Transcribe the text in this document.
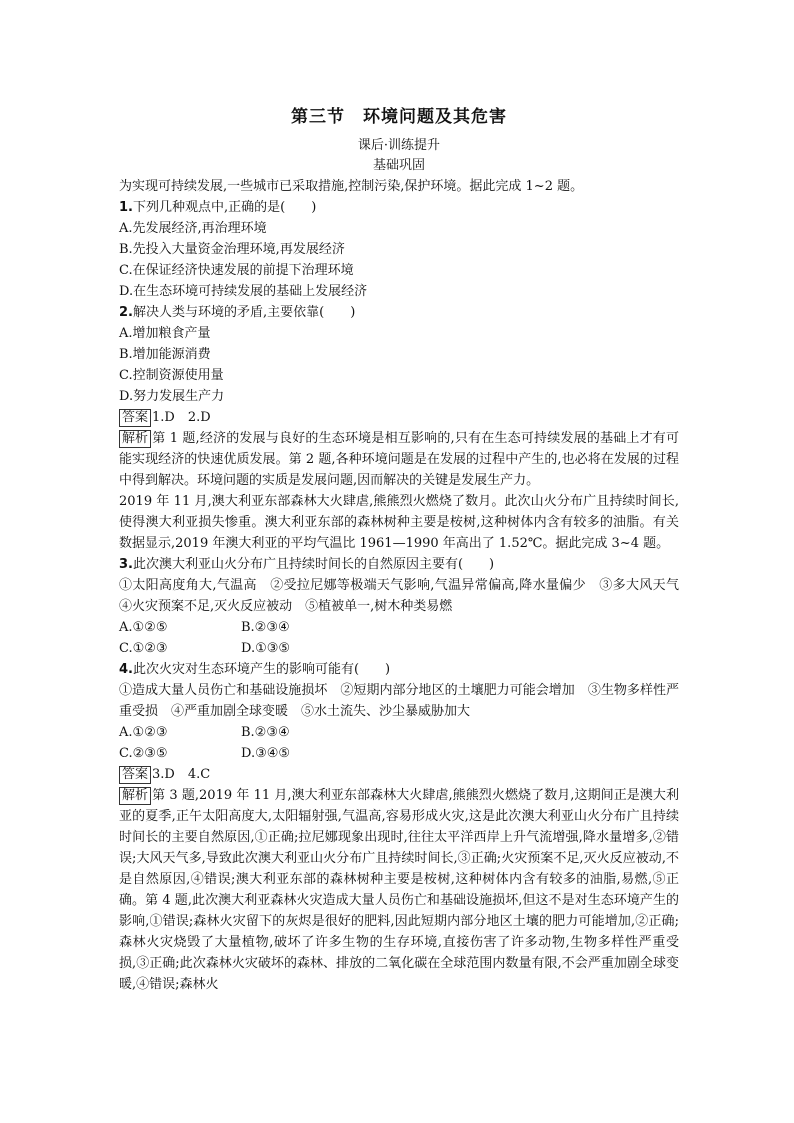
第三节　环境问题及其危害
课后·训练提升
基础巩固
为实现可持续发展,一些城市已采取措施,控制污染,保护环境。据此完成 1~2 题。
1.下列几种观点中,正确的是(　　)
A.先发展经济,再治理环境
B.先投入大量资金治理环境,再发展经济
C.在保证经济快速发展的前提下治理环境
D.在生态环境可持续发展的基础上发展经济
2.解决人类与环境的矛盾,主要依靠(　　)
A.增加粮食产量
B.增加能源消费
C.控制资源使用量
D.努力发展生产力
答案 1.D　2.D
解析 第 1 题,经济的发展与良好的生态环境是相互影响的,只有在生态可持续发展的基础上才有可能实现经济的快速优质发展。第 2 题,各种环境问题是在发展的过程中产生的,也必将在发展的过程中得到解决。环境问题的实质是发展问题,因而解决的关键是发展生产力。
2019 年 11 月,澳大利亚东部森林大火肆虐,熊熊烈火燃烧了数月。此次山火分布广且持续时间长,使得澳大利亚损失惨重。澳大利亚东部的森林树种主要是桉树,这种树体内含有较多的油脂。有关数据显示,2019 年澳大利亚的平均气温比 1961—1990 年高出了 1.52℃。据此完成 3~4 题。
3.此次澳大利亚山火分布广且持续时间长的自然原因主要有(　　)
①太阳高度角大,气温高　②受拉尼娜等极端天气影响,气温异常偏高,降水量偏少　③多大风天气　④火灾预案不足,灭火反应被动　⑤植被单一,树木种类易燃
A.①②⑤	B.②③④
C.①②③	D.①③⑤
4.此次火灾对生态环境产生的影响可能有(　　)
①造成大量人员伤亡和基础设施损坏　②短期内部分地区的土壤肥力可能会增加　③生物多样性严重受损　④严重加剧全球变暖　⑤水土流失、沙尘暴威胁加大
A.①②③	B.②③④
C.②③⑤	D.③④⑤
答案 3.D　4.C
解析 第 3 题,2019 年 11 月,澳大利亚东部森林大火肆虐,熊熊烈火燃烧了数月,这期间正是澳大利亚的夏季,正午太阳高度大,太阳辐射强,气温高,容易形成火灾,这是此次澳大利亚山火分布广且持续时间长的主要自然原因,①正确;拉尼娜现象出现时,往往太平洋西岸上升气流增强,降水量增多,②错误;大风天气多,导致此次澳大利亚山火分布广且持续时间长,③正确;火灾预案不足,灭火反应被动,不是自然原因,④错误;澳大利亚东部的森林树种主要是桉树,这种树体内含有较多的油脂,易燃,⑤正确。第 4 题,此次澳大利亚森林火灾造成大量人员伤亡和基础设施损坏,但这不是对生态环境产生的影响,①错误;森林火灾留下的灰烬是很好的肥料,因此短期内部分地区土壤的肥力可能增加,②正确;森林火灾烧毁了大量植物,破坏了许多生物的生存环境,直接伤害了许多动物,生物多样性严重受损,③正确;此次森林火灾破坏的森林、排放的二氧化碳在全球范围内数量有限,不会严重加剧全球变暖,④错误;森林火
